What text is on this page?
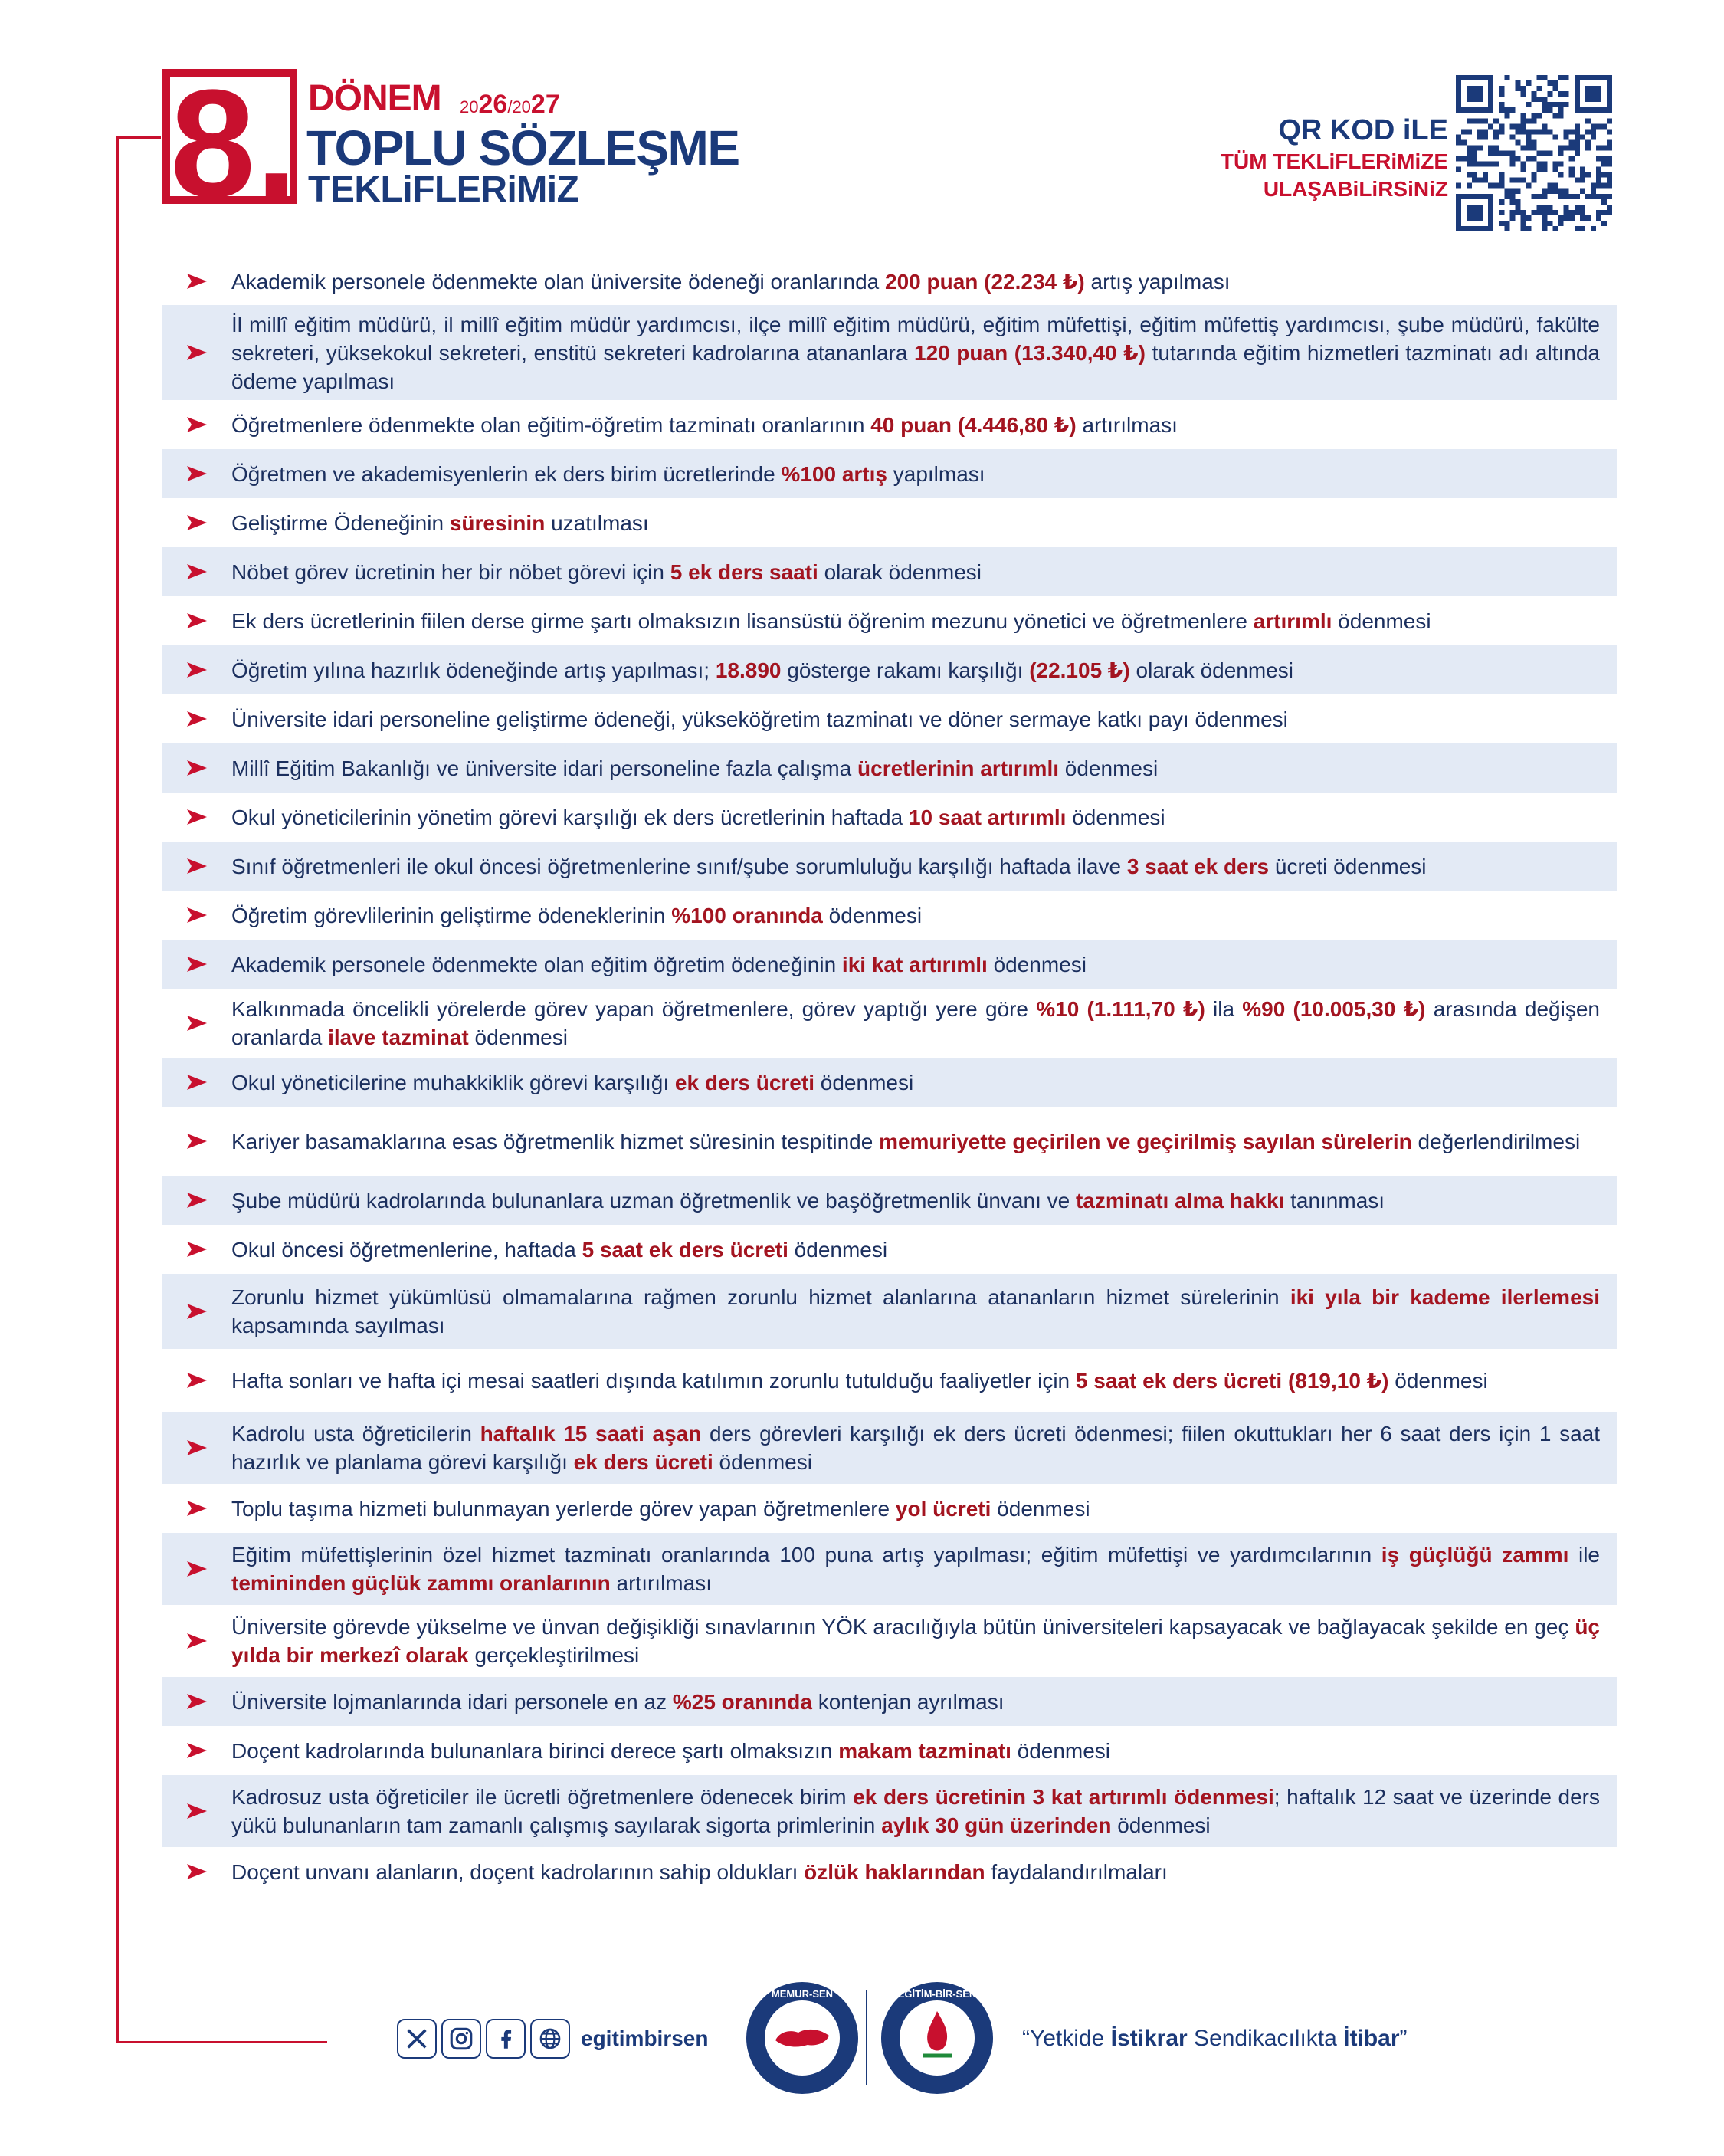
8. DÖNEM 2026/2027
TOPLU SÖZLEŞME
TEKLiFLERiMiZ
QR KOD iLE
TÜM TEKLiFLERiMiZE
ULAŞABiLiRSiNiZ
Akademik personele ödenmekte olan üniversite ödeneği oranlarında 200 puan (22.234 ₺) artış yapılması
İl millî eğitim müdürü, il millî eğitim müdür yardımcısı, ilçe millî eğitim müdürü, eğitim müfettişi, eğitim müfettiş yardımcısı, şube müdürü, fakülte sekreteri, yüksekokul sekreteri, enstitü sekreteri kadrolarına atananlara 120 puan (13.340,40 ₺) tutarında eğitim hizmetleri tazminatı adı altında ödeme yapılması
Öğretmenlere ödenmekte olan eğitim-öğretim tazminatı oranlarının 40 puan (4.446,80 ₺) artırılması
Öğretmen ve akademisyenlerin ek ders birim ücretlerinde %100 artış yapılması
Geliştirme Ödeneğinin süresinin uzatılması
Nöbet görev ücretinin her bir nöbet görevi için 5 ek ders saati olarak ödenmesi
Ek ders ücretlerinin fiilen derse girme şartı olmaksızın lisansüstü öğrenim mezunu yönetici ve öğretmenlere artırımlı ödenmesi
Öğretim yılına hazırlık ödeneğinde artış yapılması; 18.890 gösterge rakamı karşılığı (22.105 ₺) olarak ödenmesi
Üniversite idari personeline geliştirme ödeneği, yükseköğretim tazminatı ve döner sermaye katkı payı ödenmesi
Millî Eğitim Bakanlığı ve üniversite idari personeline fazla çalışma ücretlerinin artırımlı ödenmesi
Okul yöneticilerinin yönetim görevi karşılığı ek ders ücretlerinin haftada 10 saat artırımlı ödenmesi
Sınıf öğretmenleri ile okul öncesi öğretmenlerine sınıf/şube sorumluluğu karşılığı haftada ilave 3 saat ek ders ücreti ödenmesi
Öğretim görevlilerinin geliştirme ödeneklerinin %100 oranında ödenmesi
Akademik personele ödenmekte olan eğitim öğretim ödeneğinin iki kat artırımlı ödenmesi
Kalkınmada öncelikli yörelerde görev yapan öğretmenlere, görev yaptığı yere göre %10 (1.111,70 ₺) ila %90 (10.005,30 ₺) arasında değişen oranlarda ilave tazminat ödenmesi
Okul yöneticilerine muhakkiklik görevi karşılığı ek ders ücreti ödenmesi
Kariyer basamaklarına esas öğretmenlik hizmet süresinin tespitinde memuriyette geçirilen ve geçirilmiş sayılan sürelerin değerlendirilmesi
Şube müdürü kadrolarında bulunanlara uzman öğretmenlik ve başöğretmenlik ünvanı ve tazminatı alma hakkı tanınması
Okul öncesi öğretmenlerine, haftada 5 saat ek ders ücreti ödenmesi
Zorunlu hizmet yükümlüsü olmamalarına rağmen zorunlu hizmet alanlarına atananların hizmet sürelerinin iki yıla bir kademe ilerlemesi kapsamında sayılması
Hafta sonları ve hafta içi mesai saatleri dışında katılımın zorunlu tutulduğu faaliyetler için 5 saat ek ders ücreti (819,10 ₺) ödenmesi
Kadrolu usta öğreticilerin haftalık 15 saati aşan ders görevleri karşılığı ek ders ücreti ödenmesi; fiilen okuttukları her 6 saat ders için 1 saat hazırlık ve planlama görevi karşılığı ek ders ücreti ödenmesi
Toplu taşıma hizmeti bulunmayan yerlerde görev yapan öğretmenlere yol ücreti ödenmesi
Eğitim müfettişlerinin özel hizmet tazminatı oranlarında 100 puna artış yapılması; eğitim müfettişi ve yardımcılarının iş güçlüğü zammı ile temininden güçlük zammı oranlarının artırılması
Üniversite görevde yükselme ve ünvan değişikliği sınavlarının YÖK aracılığıyla bütün üniversiteleri kapsayacak ve bağlayacak şekilde en geç üç yılda bir merkezî olarak gerçekleştirilmesi
Üniversite lojmanlarında idari personele en az %25 oranında kontenjan ayrılması
Doçent kadrolarında bulunanlara birinci derece şartı olmaksızın makam tazminatı ödenmesi
Kadrosuz usta öğreticiler ile ücretli öğretmenlere ödenecek birim ek ders ücretinin 3 kat artırımlı ödenmesi; haftalık 12 saat ve üzerinde ders yükü bulunanların tam zamanlı çalışmış sayılarak sigorta primlerinin aylık 30 gün üzerinden ödenmesi
Doçent unvanı alanların, doçent kadrolarının sahip oldukları özlük haklarından faydalandırılmaları
egitimbirsen
MEMUR-SEN	EĞİTİM-BİR-SEN
“Yetkide İstikrar Sendikacılıkta İtibar”
